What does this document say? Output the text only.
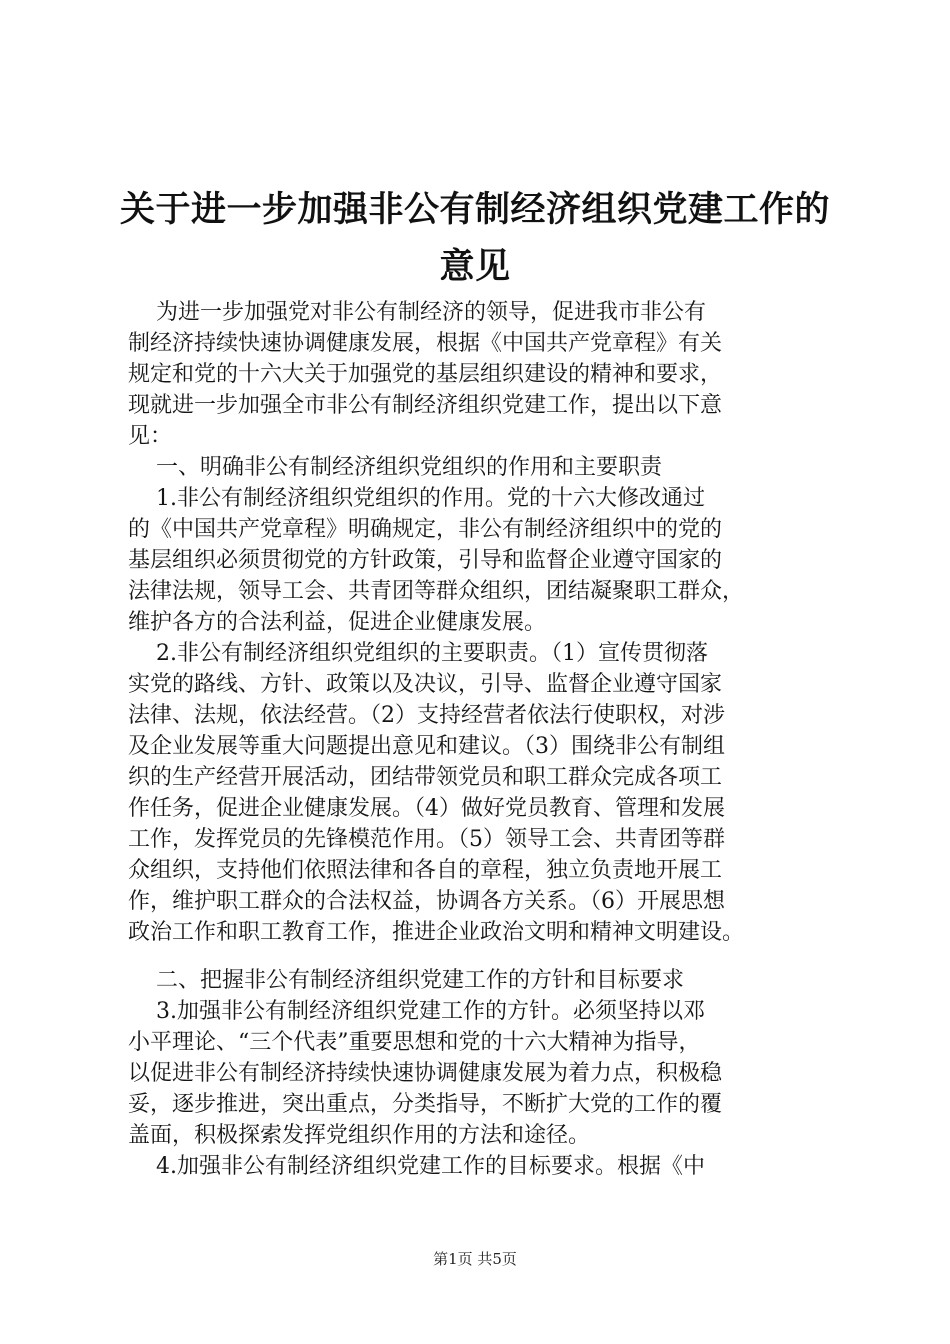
关于进一步加强非公有制经济组织党建工作的
意见
为进一步加强党对非公有制经济的领导，促进我市非公有
制经济持续快速协调健康发展，根据《中国共产党章程》有关
规定和党的十六大关于加强党的基层组织建设的精神和要求，
现就进一步加强全市非公有制经济组织党建工作，提出以下意
见：
一、明确非公有制经济组织党组织的作用和主要职责
1.非公有制经济组织党组织的作用。党的十六大修改通过
的《中国共产党章程》明确规定，非公有制经济组织中的党的
基层组织必须贯彻党的方针政策，引导和监督企业遵守国家的
法律法规，领导工会、共青团等群众组织，团结凝聚职工群众，
维护各方的合法利益，促进企业健康发展。
2.非公有制经济组织党组织的主要职责。（1）宣传贯彻落
实党的路线、方针、政策以及决议，引导、监督企业遵守国家
法律、法规，依法经营。（2）支持经营者依法行使职权，对涉
及企业发展等重大问题提出意见和建议。（3）围绕非公有制组
织的生产经营开展活动，团结带领党员和职工群众完成各项工
作任务，促进企业健康发展。（4）做好党员教育、管理和发展
工作，发挥党员的先锋模范作用。（5）领导工会、共青团等群
众组织，支持他们依照法律和各自的章程，独立负责地开展工
作，维护职工群众的合法权益，协调各方关系。（6）开展思想
政治工作和职工教育工作，推进企业政治文明和精神文明建设。
二、把握非公有制经济组织党建工作的方针和目标要求
3.加强非公有制经济组织党建工作的方针。必须坚持以邓
小平理论、“三个代表”重要思想和党的十六大精神为指导，
以促进非公有制经济持续快速协调健康发展为着力点，积极稳
妥，逐步推进，突出重点，分类指导，不断扩大党的工作的覆
盖面，积极探索发挥党组织作用的方法和途径。
4.加强非公有制经济组织党建工作的目标要求。根据《中
第1页 共5页
